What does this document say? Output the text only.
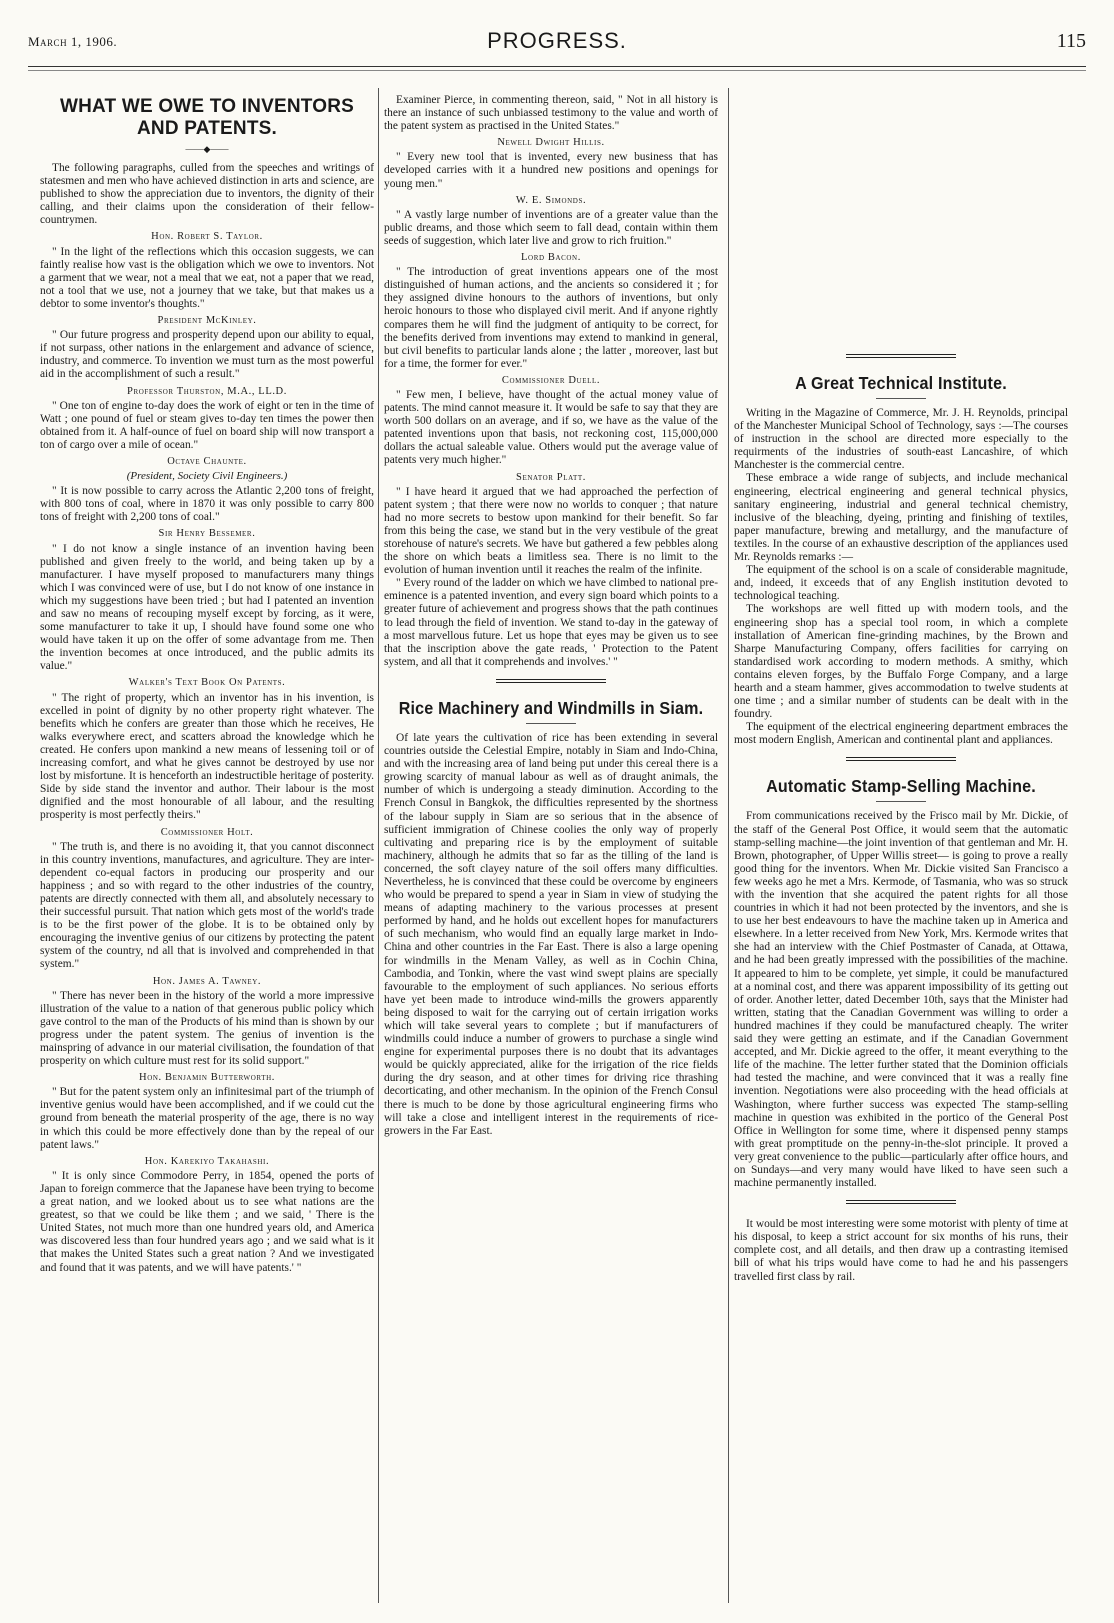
March 1, 1906.	PROGRESS.	115
WHAT WE OWE TO INVENTORS AND PATENTS.
——◆——

The following paragraphs, culled from the speeches and writings of statesmen and men who have achieved distinction in arts and science, are published to show the appreciation due to inventors, the dignity of their calling, and their claims upon the consideration of their fellow-countrymen.

Hon. Robert S. Taylor.

" In the light of the reflections which this occasion suggests, we can faintly realise how vast is the obligation which we owe to inventors. Not a garment that we wear, not a meal that we eat, not a paper that we read, not a tool that we use, not a journey that we take, but that makes us a debtor to some inventor's thoughts."

President McKinley.

" Our future progress and prosperity depend upon our ability to equal, if not surpass, other nations in the enlargement and advance of science, industry, and commerce. To invention we must turn as the most powerful aid in the accomplishment of such a result."

Professor Thurston, M.A., LL.D.

" One ton of engine to-day does the work of eight or ten in the time of Watt ; one pound of fuel or steam gives to-day ten times the power then obtained from it. A half-ounce of fuel on board ship will now transport a ton of cargo over a mile of ocean."

Octave Chaunte.
(President, Society Civil Engineers.)

" It is now possible to carry across the Atlantic 2,200 tons of freight, with 800 tons of coal, where in 1870 it was only possible to carry 800 tons of freight with 2,200 tons of coal."

Sir Henry Bessemer.

" I do not know a single instance of an invention having been published and given freely to the world, and being taken up by a manufacturer. I have myself proposed to manufacturers many things which I was convinced were of use, but I do not know of one instance in which my suggestions have been tried ; but had I patented an invention and saw no means of recouping myself except by forcing, as it were, some manufacturer to take it up, I should have found some one who would have taken it up on the offer of some advantage from me. Then the invention becomes at once introduced, and the public admits its value."

Walker's Text Book On Patents.

" The right of property, which an inventor has in his invention, is excelled in point of dignity by no other property right whatever. The benefits which he confers are greater than those which he receives, He walks everywhere erect, and scatters abroad the knowledge which he created. He confers upon mankind a new means of lessening toil or of increasing comfort, and what he gives cannot be destroyed by use nor lost by misfortune. It is henceforth an indestructible heritage of posterity. Side by side stand the inventor and author. Their labour is the most dignified and the most honourable of all labour, and the resulting prosperity is most perfectly theirs."

Commissioner Holt.

" The truth is, and there is no avoiding it, that you cannot disconnect in this country inventions, manufactures, and agriculture. They are inter-dependent co-equal factors in producing our prosperity and our happiness ; and so with regard to the other industries of the country, patents are directly connected with them all, and absolutely necessary to their successful pursuit. That nation which gets most of the world's trade is to be the first power of the globe. It is to be obtained only by encouraging the inventive genius of our citizens by protecting the patent system of the country, nd all that is involved and comprehended in that system."

Hon. James A. Tawney.

" There has never been in the history of the world a more impressive illustration of the value to a nation of that generous public policy which gave control to the man of the Products of his mind than is shown by our progress under the patent system. The genius of invention is the mainspring of advance in our material civilisation, the foundation of that prosperity on which culture must rest for its solid support."

Hon. Benjamin Butterworth.

" But for the patent system only an infinitesimal part of the triumph of inventive genius would have been accomplished, and if we could cut the ground from beneath the material prosperity of the age, there is no way in which this could be more effectively done than by the repeal of our patent laws."

Hon. Karekiyo Takahashi.

" It is only since Commodore Perry, in 1854, opened the ports of Japan to foreign commerce that the Japanese have been trying to become a great nation, and we looked about us to see what nations are the greatest, so that we could be like them ; and we said, ' There is the United States, not much more than one hundred years old, and America was discovered less than four hundred years ago ; and we said what is it that makes the United States such a great nation ? And we investigated and found that it was patents, and we will have patents.' "

Examiner Pierce, in commenting thereon, said, " Not in all history is there an instance of such unbiassed testimony to the value and worth of the patent system as practised in the United States."

Newell Dwight Hillis.

" Every new tool that is invented, every new business that has developed carries with it a hundred new positions and openings for young men."

W. E. Simonds.

" A vastly large number of inventions are of a greater value than the public dreams, and those which seem to fall dead, contain within them seeds of suggestion, which later live and grow to rich fruition."

Lord Bacon.

" The introduction of great inventions appears one of the most distinguished of human actions, and the ancients so considered it ; for they assigned divine honours to the authors of inventions, but only heroic honours to those who displayed civil merit. And if anyone rightly compares them he will find the judgment of antiquity to be correct, for the benefits derived from inventions may extend to mankind in general, but civil benefits to particular lands alone ; the latter , moreover, last but for a time, the former for ever."

Commissioner Duell.

" Few men, I believe, have thought of the actual money value of patents. The mind cannot measure it. It would be safe to say that they are worth 500 dollars on an average, and if so, we have as the value of the patented inventions upon that basis, not reckoning cost, 115,000,000 dollars the actual saleable value. Others would put the average value of patents very much higher."

Senator Platt.

" I have heard it argued that we had approached the perfection of patent system ; that there were now no worlds to conquer ; that nature had no more secrets to bestow upon mankind for their benefit. So far from this being the case, we stand but in the very vestibule of the great storehouse of nature's secrets. We have but gathered a few pebbles along the shore on which beats a limitless sea. There is no limit to the evolution of human invention until it reaches the realm of the infinite.

" Every round of the ladder on which we have climbed to national pre-eminence is a patented invention, and every sign board which points to a greater future of achievement and progress shows that the path continues to lead through the field of invention. We stand to-day in the gateway of a most marvellous future. Let us hope that eyes may be given us to see that the inscription above the gate reads, ' Protection to the Patent system, and all that it comprehends and involves.' "

Rice Machinery and Windmills in Siam.

Of late years the cultivation of rice has been extending in several countries outside the Celestial Empire, notably in Siam and Indo-China, and with the increasing area of land being put under this cereal there is a growing scarcity of manual labour as well as of draught animals, the number of which is undergoing a steady diminution. According to the French Consul in Bangkok, the difficulties represented by the shortness of the labour supply in Siam are so serious that in the absence of sufficient immigration of Chinese coolies the only way of properly cultivating and preparing rice is by the employment of suitable machinery, although he admits that so far as the tilling of the land is concerned, the soft clayey nature of the soil offers many difficulties. Nevertheless, he is convinced that these could be overcome by engineers who would be prepared to spend a year in Siam in view of studying the means of adapting machinery to the various processes at present performed by hand, and he holds out excellent hopes for manufacturers of such mechanism, who would find an equally large market in Indo-China and other countries in the Far East. There is also a large opening for windmills in the Menam Valley, as well as in Cochin China, Cambodia, and Tonkin, where the vast wind swept plains are specially favourable to the employment of such appliances. No serious efforts have yet been made to introduce wind-mills the growers apparently being disposed to wait for the carrying out of certain irrigation works which will take several years to complete ; but if manufacturers of windmills could induce a number of growers to purchase a single wind engine for experimental purposes there is no doubt that its advantages would be quickly appreciated, alike for the irrigation of the rice fields during the dry season, and at other times for driving rice thrashing decorticating, and other mechanism. In the opinion of the French Consul there is much to be done by those agricultural engineering firms who will take a close and intelligent interest in the requirements of rice-growers in the Far East.

A Great Technical Institute.

Writing in the Magazine of Commerce, Mr. J. H. Reynolds, principal of the Manchester Municipal School of Technology, says :—The courses of instruction in the school are directed more especially to the requirments of the industries of south-east Lancashire, of which Manchester is the commercial centre.

These embrace a wide range of subjects, and include mechanical engineering, electrical engineering and general technical physics, sanitary engineering, industrial and general technical chemistry, inclusive of the bleaching, dyeing, printing and finishing of textiles, paper manufacture, brewing and metallurgy, and the manufacture of textiles. In the course of an exhaustive description of the appliances used Mr. Reynolds remarks :—

The equipment of the school is on a scale of considerable magnitude, and, indeed, it exceeds that of any English institution devoted to technological teaching.

The workshops are well fitted up with modern tools, and the engineering shop has a special tool room, in which a complete installation of American fine-grinding machines, by the Brown and Sharpe Manufacturing Company, offers facilities for carrying on standardised work according to modern methods. A smithy, which contains eleven forges, by the Buffalo Forge Company, and a large hearth and a steam hammer, gives accommodation to twelve students at one time ; and a similar number of students can be dealt with in the foundry.

The equipment of the electrical engineering department embraces the most modern English, American and continental plant and appliances.

Automatic Stamp-Selling Machine.

From communications received by the Frisco mail by Mr. Dickie, of the staff of the General Post Office, it would seem that the automatic stamp-selling machine—the joint invention of that gentleman and Mr. H. Brown, photographer, of Upper Willis street— is going to prove a really good thing for the inventors. When Mr. Dickie visited San Francisco a few weeks ago he met a Mrs. Kermode, of Tasmania, who was so struck with the invention that she acquired the patent rights for all those countries in which it had not been protected by the inventors, and she is to use her best endeavours to have the machine taken up in America and elsewhere. In a letter received from New York, Mrs. Kermode writes that she had an interview with the Chief Postmaster of Canada, at Ottawa, and he had been greatly impressed with the possibilities of the machine. It appeared to him to be complete, yet simple, it could be manufactured at a nominal cost, and there was apparent impossibility of its getting out of order. Another letter, dated December 10th, says that the Minister had written, stating that the Canadian Government was willing to order a hundred machines if they could be manufactured cheaply. The writer said they were getting an estimate, and if the Canadian Government accepted, and Mr. Dickie agreed to the offer, it meant everything to the life of the machine. The letter further stated that the Dominion officials had tested the machine, and were convinced that it was a really fine invention. Negotiations were also proceeding with the head officials at Washington, where further success was expected The stamp-selling machine in question was exhibited in the portico of the General Post Office in Wellington for some time, where it dispensed penny stamps with great promptitude on the penny-in-the-slot principle. It proved a very great convenience to the public—particularly after office hours, and on Sundays—and very many would have liked to have seen such a machine permanently installed.

It would be most interesting were some motorist with plenty of time at his disposal, to keep a strict account for six months of his runs, their complete cost, and all details, and then draw up a contrasting itemised bill of what his trips would have come to had he and his passengers travelled first class by rail.
